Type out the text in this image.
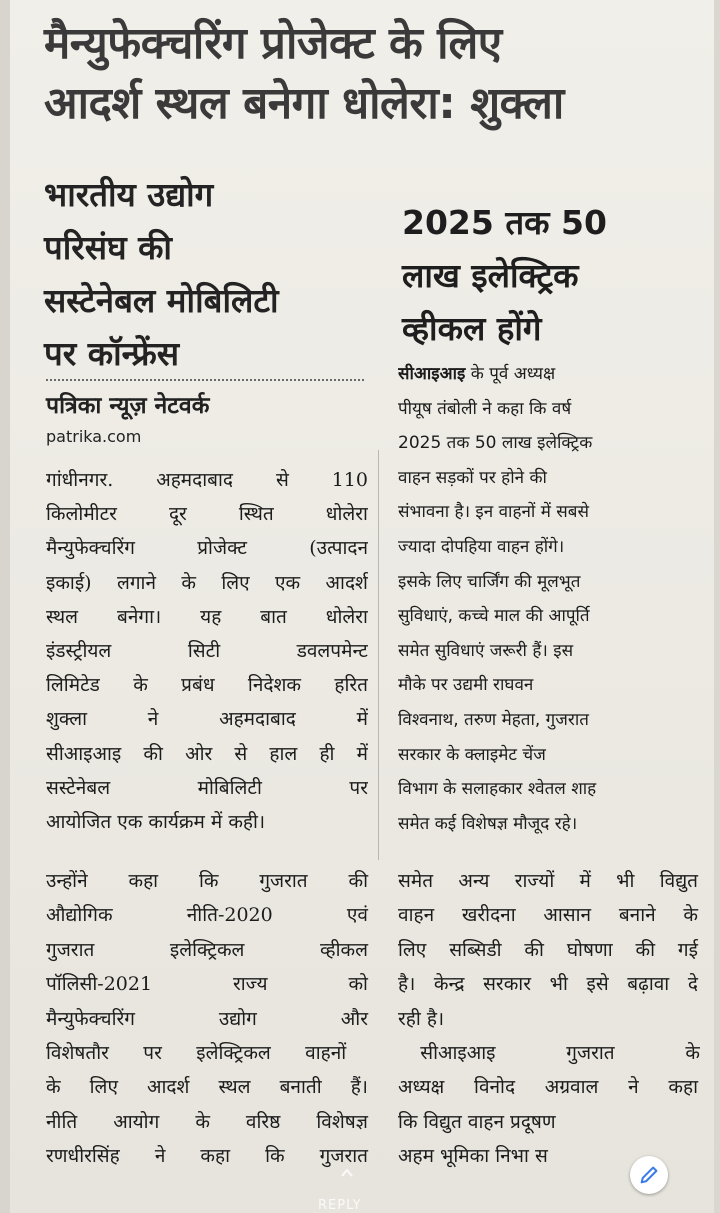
मैन्युफेक्चरिंग प्रोजेक्ट के लिए
आदर्श स्थल बनेगा धोलेरा: शुक्ला
भारतीय उद्योग
परिसंघ की
सस्टेनेबल मोबिलिटी
पर कॉन्फ्रेंस
पत्रिका न्यूज़ नेटवर्क
patrika.com
गांधीनगर. अहमदाबाद से 110
किलोमीटर	दूर	स्थित	धोलेरा
मैन्युफेक्चरिंग	प्रोजेक्ट	(उत्पादन
इकाई) लगाने के लिए एक आदर्श
स्थल बनेगा। यह बात धोलेरा
इंडस्ट्रीयल	सिटी	डवलपमेन्ट
लिमिटेड के प्रबंध निदेशक हरित
शुक्ला	ने	अहमदाबाद	में
सीआइआइ की ओर से हाल ही में
सस्टेनेबल	मोबिलिटी	पर
आयोजित एक कार्यक्रम में कही।
2025 तक 50
लाख इलेक्ट्रिक
व्हीकल होंगे
सीआइआइ के पूर्व अध्यक्ष
पीयूष तंबोली ने कहा कि वर्ष
2025 तक 50 लाख इलेक्ट्रिक
वाहन सड़कों पर होने की
संभावना है। इन वाहनों में सबसे
ज्यादा दोपहिया वाहन होंगे।
इसके लिए चार्जिंग की मूलभूत
सुविधाएं, कच्चे माल की आपूर्ति
समेत सुविधाएं जरूरी हैं। इस
मौके पर उद्यमी राघवन
विश्वनाथ, तरुण मेहता, गुजरात
सरकार के क्लाइमेट चेंज
विभाग के सलाहकार श्वेतल शाह
समेत कई विशेषज्ञ मौजूद रहे।
उन्होंने कहा कि गुजरात की समेत अन्य राज्यों में भी विद्युत
औद्योगिक	नीति-2020	एवं वाहन खरीदना आसान बनाने के
गुजरात	इलेक्ट्रिकल	व्हीकल लिए सब्सिडी की घोषणा की गई
पॉलिसी-2021	राज्य	को है। केन्द्र सरकार भी इसे बढ़ावा दे
मैन्युफेक्चरिंग	उद्योग	और रही है।
विशेषतौर पर इलेक्ट्रिकल वाहनों	सीआइआइ	गुजरात	के
के लिए आदर्श स्थल बनाती हैं। अध्यक्ष विनोद अग्रवाल ने कहा
नीति आयोग के वरिष्ठ विशेषज्ञ कि विद्युत वाहन प्रदूषण
रणधीरसिंह ने कहा कि गुजरात अहम भूमिका निभा स
REPLY
